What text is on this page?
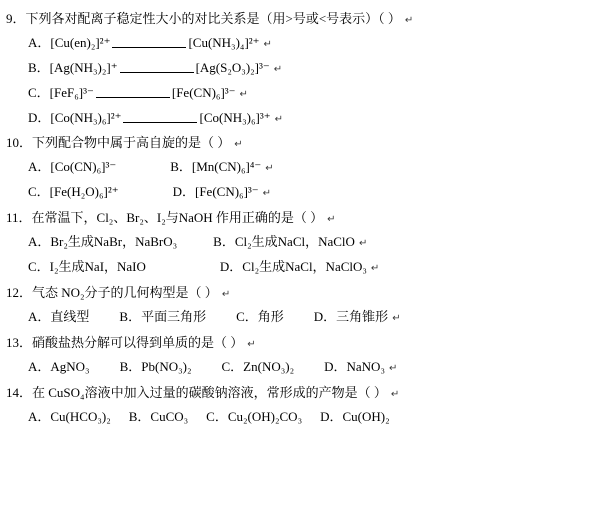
9．下列各对配离子稳定性大小的对比关系是（用>号或<号表示）（ ） ↵
A．[Cu(en)₂]²⁺	[Cu(NH₃)₄]²⁺ ↵
B．[Ag(NH₃)₂]⁺	[Ag(S₂O₃)₂]³⁻ ↵
C．[FeF₆]³⁻	[Fe(CN)₆]³⁻ ↵
D．[Co(NH₃)₆]²⁺	[Co(NH₃)₆]³⁺ ↵
10．下列配合物中属于高自旋的是（ ） ↵
A．[Co(CN)₆]³⁻	B．[Mn(CN)₆]⁴⁻ ↵
C．[Fe(H₂O)₆]²⁺	D．[Fe(CN)₆]³⁻ ↵
11．在常温下，Cl₂、Br₂、I₂与NaOH 作用正确的是（ ） ↵
A．Br₂生成NaBr，NaBrO₃	B．Cl₂生成NaCl，NaClO ↵
C．I₂生成NaI，NaIO	D．Cl₂生成NaCl，NaClO₃ ↵
12．气态 NO₂分子的几何构型是（ ） ↵
A．直线型 B．平面三角形 C．角形 D．三角锥形 ↵
13．硝酸盐热分解可以得到单质的是（ ） ↵
A．AgNO₃ B．Pb(NO₃)₂ C．Zn(NO₃)₂ D．NaNO₃ ↵
14．在 CuSO₄溶液中加入过量的碳酸钠溶液，常形成的产物是（ ） ↵
A．Cu(HCO₃)₂ B．CuCO₃ C．Cu₂(OH)₂CO₃ D．Cu(OH)₂
